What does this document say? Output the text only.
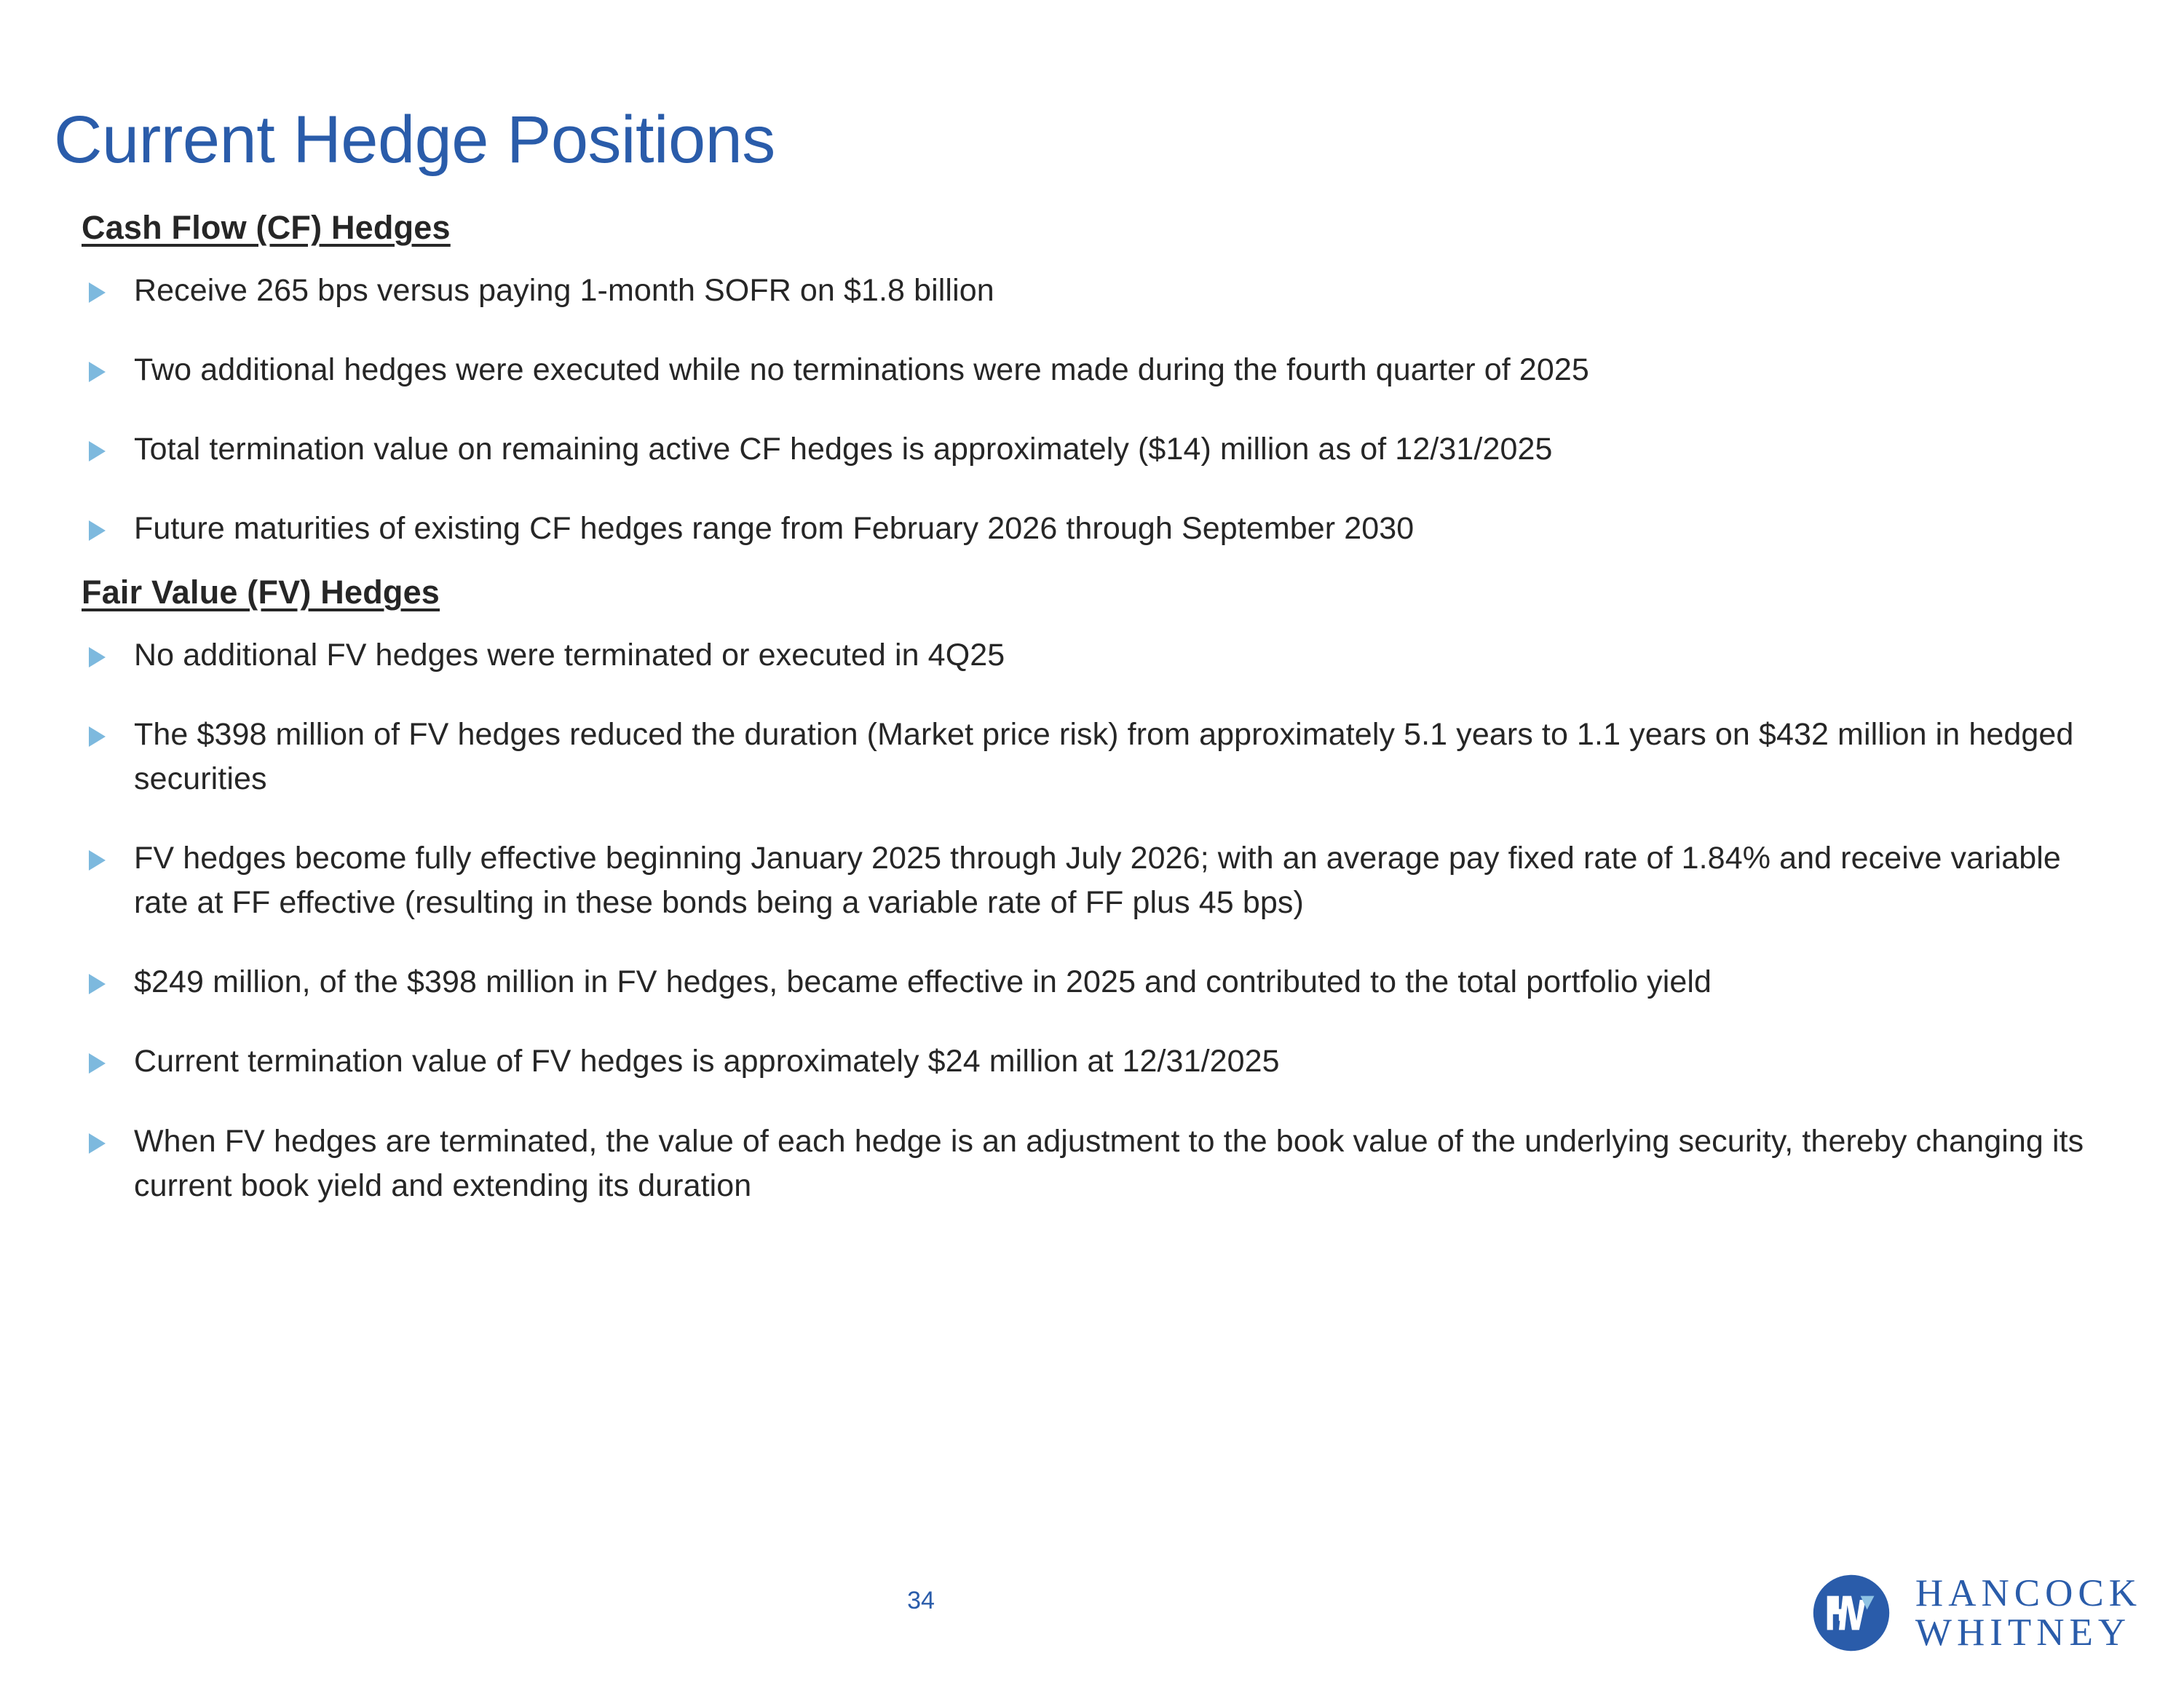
Current Hedge Positions
Cash Flow (CF) Hedges
Receive 265 bps versus paying 1-month SOFR on $1.8 billion
Two additional hedges were executed while no terminations were made during the fourth quarter of 2025
Total termination value on remaining active CF hedges is approximately ($14) million as of 12/31/2025
Future maturities of existing CF hedges range from February 2026 through September 2030
Fair Value (FV) Hedges
No additional FV hedges were terminated or executed in 4Q25
The $398 million of FV hedges reduced the duration (Market price risk) from approximately 5.1 years to 1.1 years on $432 million in hedged securities
FV hedges become fully effective beginning January 2025 through July 2026; with an average pay fixed rate of 1.84% and receive variable rate at FF effective (resulting in these bonds being a variable rate of FF plus 45 bps)
$249 million, of the $398 million in FV hedges, became effective in 2025 and contributed to the total portfolio yield
Current termination value of FV hedges is approximately $24 million at 12/31/2025
When FV hedges are terminated, the value of each hedge is an adjustment to the book value of the underlying security, thereby changing its current book yield and extending its duration
34	HANCOCK
WHITNEY
